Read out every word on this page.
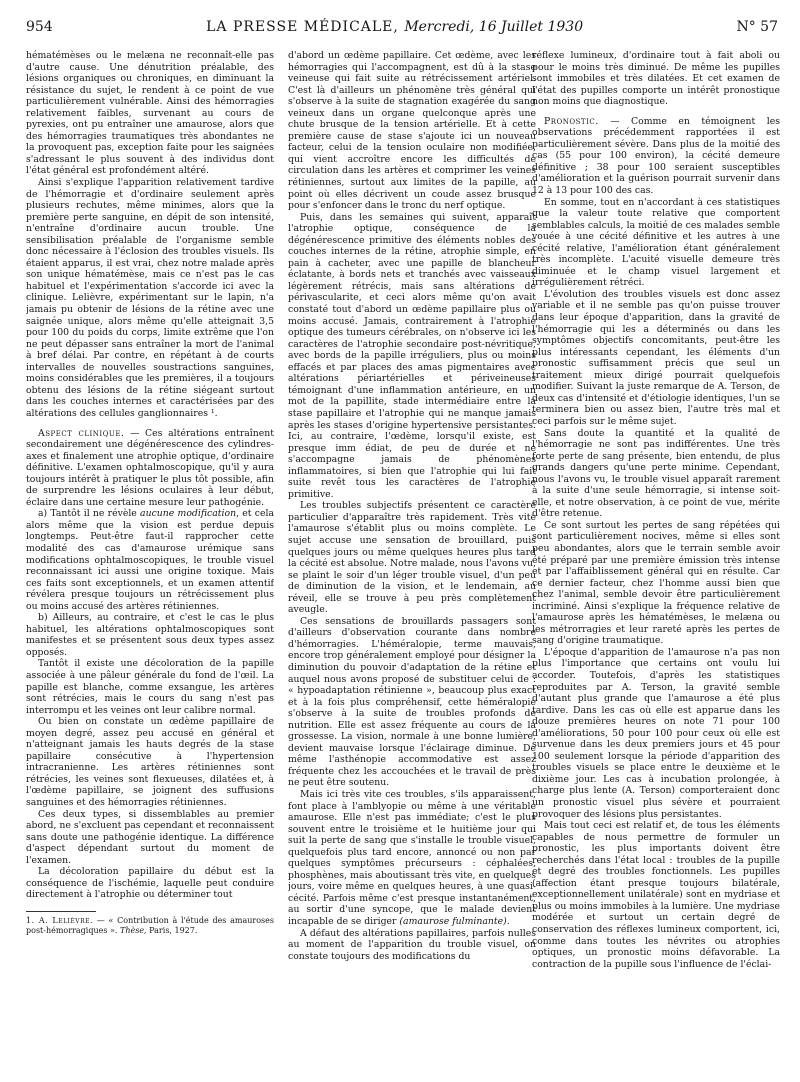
954	LA PRESSE MÉDICALE, Mercredi, 16 Juillet 1930	N° 57

hématémèses ou le melæna ne reconnaît-elle pas d'autre cause. Une dénutrition préalable, des lésions organiques ou chroniques, en diminuant la résistance du sujet, le rendent à ce point de vue particulièrement vulnérable. Ainsi des hémorragies relativement faibles, survenant au cours de pyrexies, ont pu entraîner une amaurose, alors que des hémorragies traumatiques très abondantes ne la provoquent pas, exception faite pour les saignées s'adressant le plus souvent à des individus dont l'état général est profondément altéré.

Ainsi s'explique l'apparition relativement tardive de l'hémorragie et d'ordinaire seulement après plusieurs rechutes, même minimes, alors que la première perte sanguine, en dépit de son intensité, n'entraîne d'ordinaire aucun trouble. Une sensibilisation préalable de l'organisme semble donc nécessaire à l'éclosion des troubles visuels. Ils étaient apparus, il est vrai, chez notre malade après son unique hématémèse, mais ce n'est pas le cas habituel et l'expérimentation s'accorde ici avec la clinique. Lelièvre, expérimentant sur le lapin, n'a jamais pu obtenir de lésions de la rétine avec une saignée unique, alors même qu'elle atteignait 3,5 pour 100 du poids du corps, limite extrême que l'on ne peut dépasser sans entraîner la mort de l'animal à bref délai. Par contre, en répétant à de courts intervalles de nouvelles soustractions sanguines, moins considérables que les premières, il a toujours obtenu des lésions de la rétine siégeant surtout dans les couches internes et caractérisées par des altérations des cellules ganglionnaires ¹.

Aspect clinique. — Ces altérations entraînent secondairement une dégénérescence des cylindres-axes et finalement une atrophie optique, d'ordinaire définitive. L'examen ophtalmoscopique, qu'il y aura toujours intérêt à pratiquer le plus tôt possible, afin de surprendre les lésions oculaires à leur début, éclaire dans une certaine mesure leur pathogénie.

a) Tantôt il ne révèle aucune modification, et cela alors même que la vision est perdue depuis longtemps. Peut-être faut-il rapprocher cette modalité des cas d'amaurose urémique sans modifications ophtalmoscopiques, le trouble visuel reconnaissant ici aussi une origine toxique. Mais ces faits sont exceptionnels, et un examen attentif révélera presque toujours un rétrécissement plus ou moins accusé des artères rétiniennes.

b) Ailleurs, au contraire, et c'est le cas le plus habituel, les altérations ophtalmoscopiques sont manifestes et se présentent sous deux types assez opposés.

Tantôt il existe une décoloration de la papille associée à une pâleur générale du fond de l'œil. La papille est blanche, comme exsangue, les artères sont rétrécies, mais le cours du sang n'est pas interrompu et les veines ont leur calibre normal.

Ou bien on constate un œdème papillaire de moyen degré, assez peu accusé en général et n'atteignant jamais les hauts degrés de la stase papillaire consécutive à l'hypertension intracranienne. Les artères rétiniennes sont rétrécies, les veines sont flexueuses, dilatées et, à l'œdème papillaire, se joignent des suffusions sanguines et des hémorragies rétiniennes.

Ces deux types, si dissemblables au premier abord, ne s'excluent pas cependant et reconnaissent sans doute une pathogénie identique. La différence d'aspect dépendant surtout du moment de l'examen.

La décoloration papillaire du début est la conséquence de l'ischémie, laquelle peut conduire directement à l'atrophie ou déterminer tout

1. A. Lelièvre. — « Contribution à l'étude des amauroses post-hémorragiques ». Thèse, Paris, 1927.

d'abord un œdème papillaire. Cet œdème, avec les hémorragies qui l'accompagnent, est dû à la stase veineuse qui fait suite au rétrécissement artériel. C'est là d'ailleurs un phénomène très général qui s'observe à la suite de stagnation exagérée du sang veineux dans un organe quelconque après une chute brusque de la tension artérielle. Et à cette première cause de stase s'ajoute ici un nouveau facteur, celui de la tension oculaire non modifiée, qui vient accroître encore les difficultés de circulation dans les artères et comprimer les veines rétiniennes, surtout aux limites de la papille, au point où elles décrivent un coude assez brusque pour s'enfoncer dans le tronc du nerf optique.

Puis, dans les semaines qui suivent, apparaît l'atrophie optique, conséquence de la dégénérescence primitive des éléments nobles des couches internes de la rétine, atrophie simple, en pain à cacheter, avec une papille de blancheur éclatante, à bords nets et tranchés avec vaisseaux légèrement rétrécis, mais sans altérations de périvascularite, et ceci alors même qu'on avait constaté tout d'abord un œdème papillaire plus ou moins accusé. Jamais, contrairement à l'atrophie optique des tumeurs cérébrales, on n'observe ici les caractères de l'atrophie secondaire post-névritique, avec bords de la papille irréguliers, plus ou moins effacés et par places des amas pigmentaires avec altérations périartérielles et périveineuses témoignant d'une inflammation antérieure, en un mot de la papillite, stade intermédiaire entre la stase papillaire et l'atrophie qui ne manque jamais après les stases d'origine hypertensive persistantes. Ici, au contraire, l'œdème, lorsqu'il existe, est presque imm édiat, de peu de durée et ne s'accompagne jamais de phénomènes inflammatoires, si bien que l'atrophie qui lui fait suite revêt tous les caractères de l'atrophie primitive.

Les troubles subjectifs présentent ce caractère particulier d'apparaître très rapidement. Très vite l'amaurose s'établit plus ou moins complète. Le sujet accuse une sensation de brouillard, puis quelques jours ou même quelques heures plus tard la cécité est absolue. Notre malade, nous l'avons vu, se plaint le soir d'un léger trouble visuel, d'un peu de diminution de la vision, et le lendemain, au réveil, elle se trouve à peu près complètement aveugle.

Ces sensations de brouillards passagers sont d'ailleurs d'observation courante dans nombre d'hémorragies. L'héméralopie, terme mauvais, encore trop généralement employé pour désigner la diminution du pouvoir d'adaptation de la rétine et auquel nous avons proposé de substituer celui de : « hypoadaptation rétinienne », beaucoup plus exact et à la fois plus compréhensif, cette héméralopie s'observe à la suite de troubles profonds de nutrition. Elle est assez fréquente au cours de la grossesse. La vision, normale à une bonne lumière, devient mauvaise lorsque l'éclairage diminue. De même l'asthénopie accommodative est assez fréquente chez les accouchées et le travail de près ne peut être soutenu.

Mais ici très vite ces troubles, s'ils apparaissent, font place à l'amblyopie ou même à une véritable amaurose. Elle n'est pas immédiate; c'est le plus souvent entre le troisième et le huitième jour qui suit la perte de sang que s'installe le trouble visuel, quelquefois plus tard encore, annoncé ou non par quelques symptômes précurseurs : céphalées, phosphènes, mais aboutissant très vite, en quelques jours, voire même en quelques heures, à une quasi-cécité. Parfois même c'est presque instantanément, au sortir d'une syncope, que le malade devient incapable de se diriger (amaurose fulminante).

A défaut des altérations papillaires, parfois nulles au moment de l'apparition du trouble visuel, on constate toujours des modifications du

réflexe lumineux, d'ordinaire tout à fait aboli ou pour le moins très diminué. De même les pupilles sont immobiles et très dilatées. Et cet examen de l'état des pupilles comporte un intérêt pronostique non moins que diagnostique.

Pronostic. — Comme en témoignent les observations précédemment rapportées il est particulièrement sévère. Dans plus de la moitié des cas (55 pour 100 environ), la cécité demeure définitive ; 38 pour 100 seraient susceptibles d'amélioration et la guérison pourrait survenir dans 12 à 13 pour 100 des cas.

En somme, tout en n'accordant à ces statistiques que la valeur toute relative que comportent semblables calculs, la moitié de ces malades semble vouée à une cécité définitive et les autres à une cécité relative, l'amélioration étant généralement très incomplète. L'acuité visuelle demeure très diminuée et le champ visuel largement et irrégulièrement rétréci.

L'évolution des troubles visuels est donc assez variable et il ne semble pas qu'on puisse trouver dans leur époque d'apparition, dans la gravité de l'hémorragie qui les a déterminés ou dans les symptômes objectifs concomitants, peut-être les plus intéressants cependant, les éléments d'un pronostic suffisamment précis que seul un traitement mieux dirigé pourrait quelquefois modifier. Suivant la juste remarque de A. Terson, de deux cas d'intensité et d'étiologie identiques, l'un se terminera bien ou assez bien, l'autre très mal et ceci parfois sur le même sujet.

Sans doute la quantité et la qualité de l'hémorragie ne sont pas indifférentes. Une très forte perte de sang présente, bien entendu, de plus grands dangers qu'une perte minime. Cependant, nous l'avons vu, le trouble visuel apparaît rarement à la suite d'une seule hémorragie, si intense soit-elle, et notre observation, à ce point de vue, mérite d'être retenue.

Ce sont surtout les pertes de sang répétées qui sont particulièrement nocives, même si elles sont peu abondantes, alors que le terrain semble avoir été préparé par une première émission très intense et par l'affaiblissement général qui en résulte. Car ce dernier facteur, chez l'homme aussi bien que chez l'animal, semble devoir être particulièrement incriminé. Ainsi s'explique la fréquence relative de l'amaurose après les hématémèses, le melæna ou les métrorragies et leur rareté après les pertes de sang d'origine traumatique.

L'époque d'apparition de l'amaurose n'a pas non plus l'importance que certains ont voulu lui accorder. Toutefois, d'après les statistiques reproduites par A. Terson, la gravité semble d'autant plus grande que l'amaurose a été plus tardive. Dans les cas où elle est apparue dans les douze premières heures on note 71 pour 100 d'améliorations, 50 pour 100 pour ceux où elle est survenue dans les deux premiers jours et 45 pour 100 seulement lorsque la période d'apparition des troubles visuels se place entre le deuxième et le dixième jour. Les cas à incubation prolongée, à charge plus lente (A. Terson) comporteraient donc un pronostic visuel plus sévère et pourraient provoquer des lésions plus persistantes.

Mais tout ceci est relatif et, de tous les éléments capables de nous permettre de formuler un pronostic, les plus importants doivent être recherchés dans l'état local : troubles de la pupille et degré des troubles fonctionnels. Les pupilles (affection étant presque toujours bilatérale, exceptionnellement unilatérale) sont en mydriase et plus ou moins immobiles à la lumière. Une mydriase modérée et surtout un certain degré de conservation des réflexes lumineux comportent, ici, comme dans toutes les névrites ou atrophies optiques, un pronostic moins défavorable. La contraction de la pupille sous l'influence de l'éclai-
